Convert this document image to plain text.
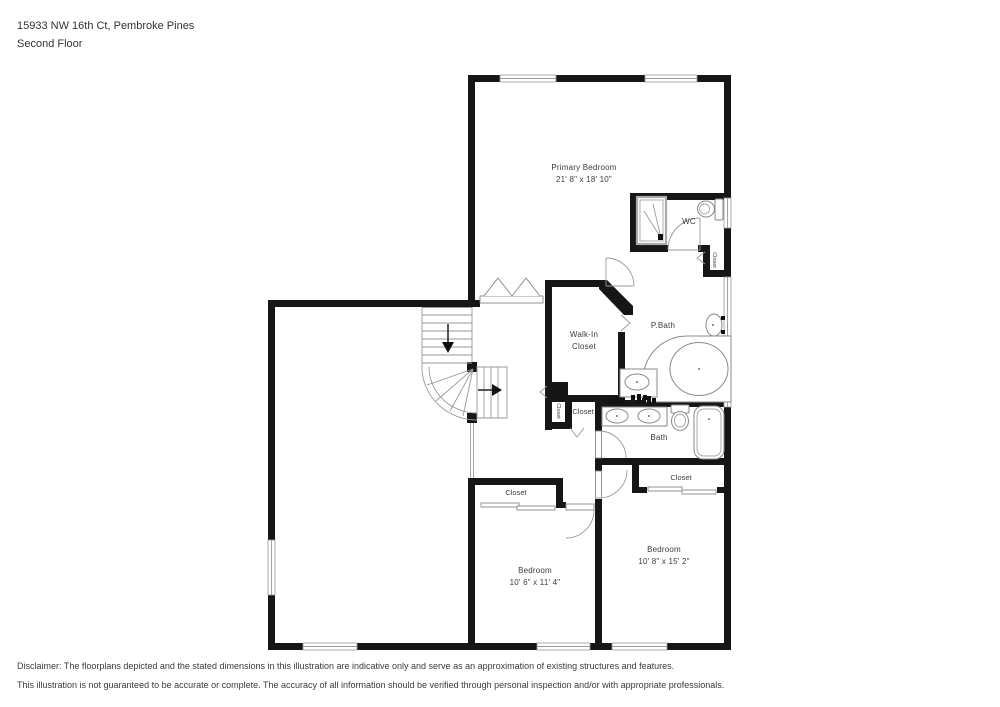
15933 NW 16th Ct, Pembroke Pines
Second Floor
Primary Bedroom
21' 8" x 18' 10"
WC
Walk-In Closet
P.Bath
Bath
Bedroom
10' 6" x 11' 4"
Bedroom
10' 8" x 15' 2"
Closet
Closet
Closet
Closet
Closet
Disclaimer: The floorplans depicted and the stated dimensions in this illustration are indicative only and serve as an approximation of existing structures and features.
This illustration is not guaranteed to be accurate or complete. The accuracy of all information should be verified through personal inspection and/or with appropriate professionals.
